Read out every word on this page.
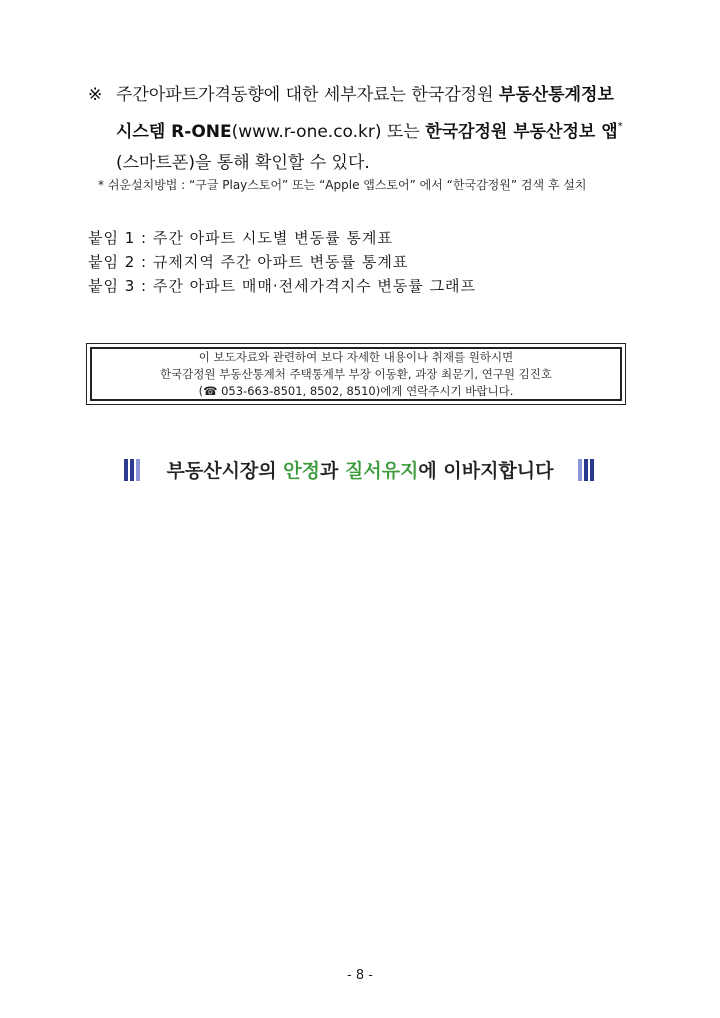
※ 주간아파트가격동향에 대한 세부자료는 한국감정원 부동산통계정보
시스템 R-ONE(www.r-one.co.kr) 또는 한국감정원 부동산정보 앱*
(스마트폰)을 통해 확인할 수 있다.
* 쉬운설치방법 : “구글 Play스토어” 또는 “Apple 앱스토어” 에서 “한국감정원” 검색 후 설치
붙임 1 : 주간 아파트 시도별 변동률 통계표
붙임 2 : 규제지역 주간 아파트 변동률 통계표
붙임 3 : 주간 아파트 매매·전세가격지수 변동률 그래프
이 보도자료와 관련하여 보다 자세한 내용이나 취재를 원하시면
한국감정원 부동산통계처 주택통계부 부장 이동환, 과장 최문기, 연구원 김진호
(☎ 053-663-8501, 8502, 8510)에게 연락주시기 바랍니다.
부동산시장의 안정과 질서유지에 이바지합니다
- 8 -
